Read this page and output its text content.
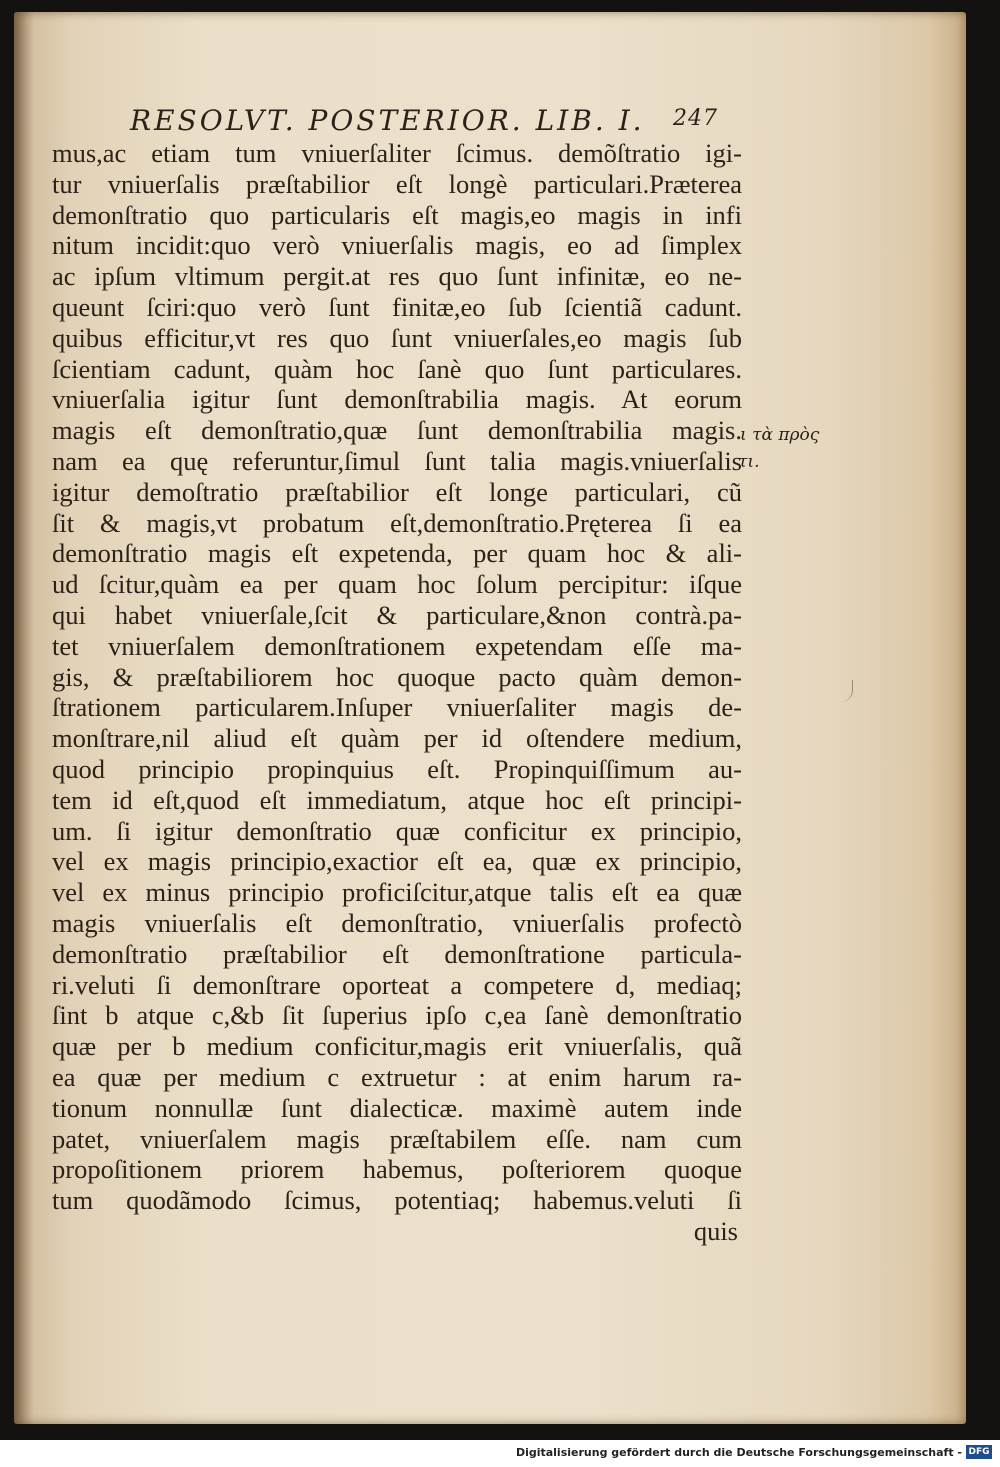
RESOLVT. POSTERIOR. LIB. I. 247
mus,ac etiam tum vniuerſaliter ſcimus. demõſtratio igi-
tur vniuerſalis præſtabilior eſt longè particulari.Præterea
demonſtratio quo particularis eſt magis,eo magis in infi
nitum incidit:quo verò vniuerſalis magis, eo ad ſimplex
ac ipſum vltimum pergit.at res quo ſunt infinitæ, eo ne-
queunt ſciri:quo verò ſunt finitæ,eo ſub ſcientiã cadunt.
quibus efficitur,vt res quo ſunt vniuerſales,eo magis ſub
ſcientiam cadunt, quàm hoc ſanè quo ſunt particulares.
vniuerſalia igitur ſunt demonſtrabilia magis. At eorum
magis eſt demonſtratio,quæ ſunt demonſtrabilia magis.
nam ea quę referuntur,ſimul ſunt talia magis.vniuerſalis
igitur demoſtratio præſtabilior eſt longe particulari, cũ
ſit & magis,vt probatum eſt,demonſtratio.Pręterea ſi ea
demonſtratio magis eſt expetenda, per quam hoc & ali-
ud ſcitur,quàm ea per quam hoc ſolum percipitur: iſque
qui habet vniuerſale,ſcit & particulare,&non contrà.pa-
tet vniuerſalem demonſtrationem expetendam eſſe ma-
gis, & præſtabiliorem hoc quoque pacto quàm demon-
ſtrationem particularem.Inſuper vniuerſaliter magis de-
monſtrare,nil aliud eſt quàm per id oſtendere medium,
quod principio propinquius eſt. Propinquiſſimum au-
tem id eſt,quod eſt immediatum, atque hoc eſt principi-
um. ſi igitur demonſtratio quæ conficitur ex principio,
vel ex magis principio,exactior eſt ea, quæ ex principio,
vel ex minus principio proficiſcitur,atque talis eſt ea quæ
magis vniuerſalis eſt demonſtratio, vniuerſalis profectò
demonſtratio præſtabilior eſt demonſtratione particula-
ri.veluti ſi demonſtrare oporteat a competere d, mediaq;
ſint b atque c,&b ſit ſuperius ipſo c,ea ſanè demonſtratio
quæ per b medium conficitur,magis erit vniuerſalis, quã
ea quæ per medium c extruetur : at enim harum ra-
tionum nonnullæ ſunt dialecticæ. maximè autem inde
patet, vniuerſalem magis præſtabilem eſſe. nam cum
propoſitionem priorem habemus, poſteriorem quoque
tum quodãmodo ſcimus, potentiaq; habemus.veluti ſi
quis
ι τὰ πρὸς
τι.
Digitalisierung gefördert durch die Deutsche Forschungsgemeinschaft - DFG
